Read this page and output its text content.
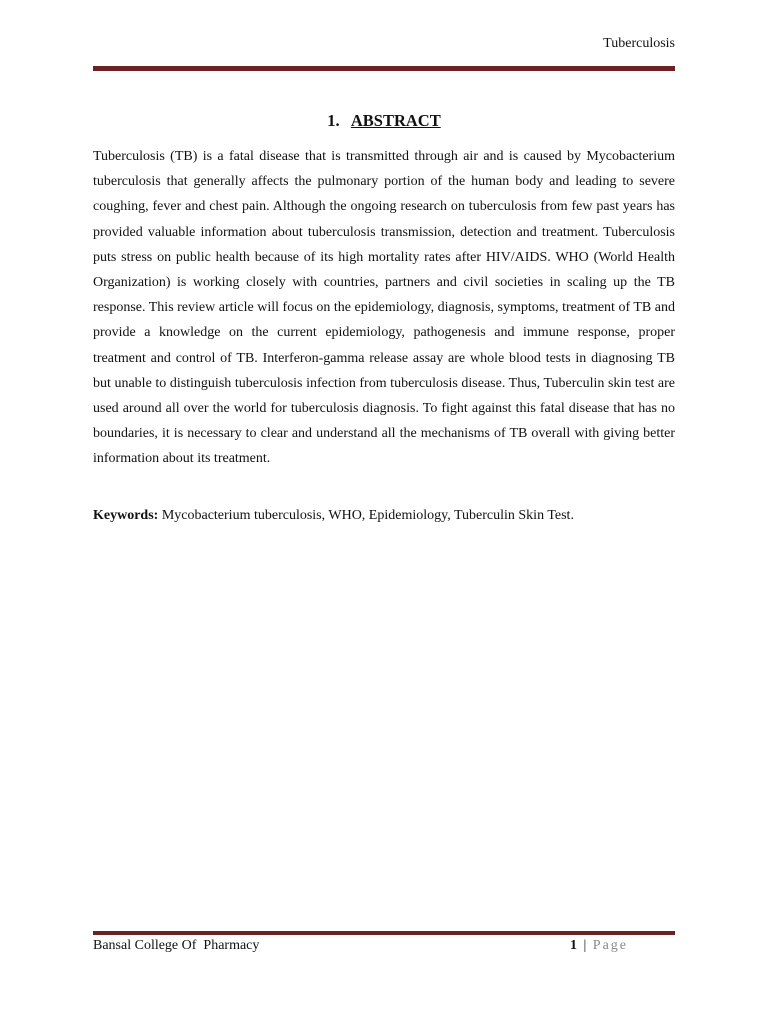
Tuberculosis
1. ABSTRACT

Tuberculosis (TB) is a fatal disease that is transmitted through air and is caused by Mycobacterium tuberculosis that generally affects the pulmonary portion of the human body and leading to severe coughing, fever and chest pain. Although the ongoing research on tuberculosis from few past years has provided valuable information about tuberculosis transmission, detection and treatment. Tuberculosis puts stress on public health because of its high mortality rates after HIV/AIDS. WHO (World Health Organization) is working closely with countries, partners and civil societies in scaling up the TB response. This review article will focus on the epidemiology, diagnosis, symptoms, treatment of TB and provide a knowledge on the current epidemiology, pathogenesis and immune response, proper treatment and control of TB. Interferon-gamma release assay are whole blood tests in diagnosing TB but unable to distinguish tuberculosis infection from tuberculosis disease. Thus, Tuberculin skin test are used around all over the world for tuberculosis diagnosis. To fight against this fatal disease that has no boundaries, it is necessary to clear and understand all the mechanisms of TB overall with giving better information about its treatment.

Keywords: Mycobacterium tuberculosis, WHO, Epidemiology, Tuberculin Skin Test.

Bansal College Of  Pharmacy	1 | Page
